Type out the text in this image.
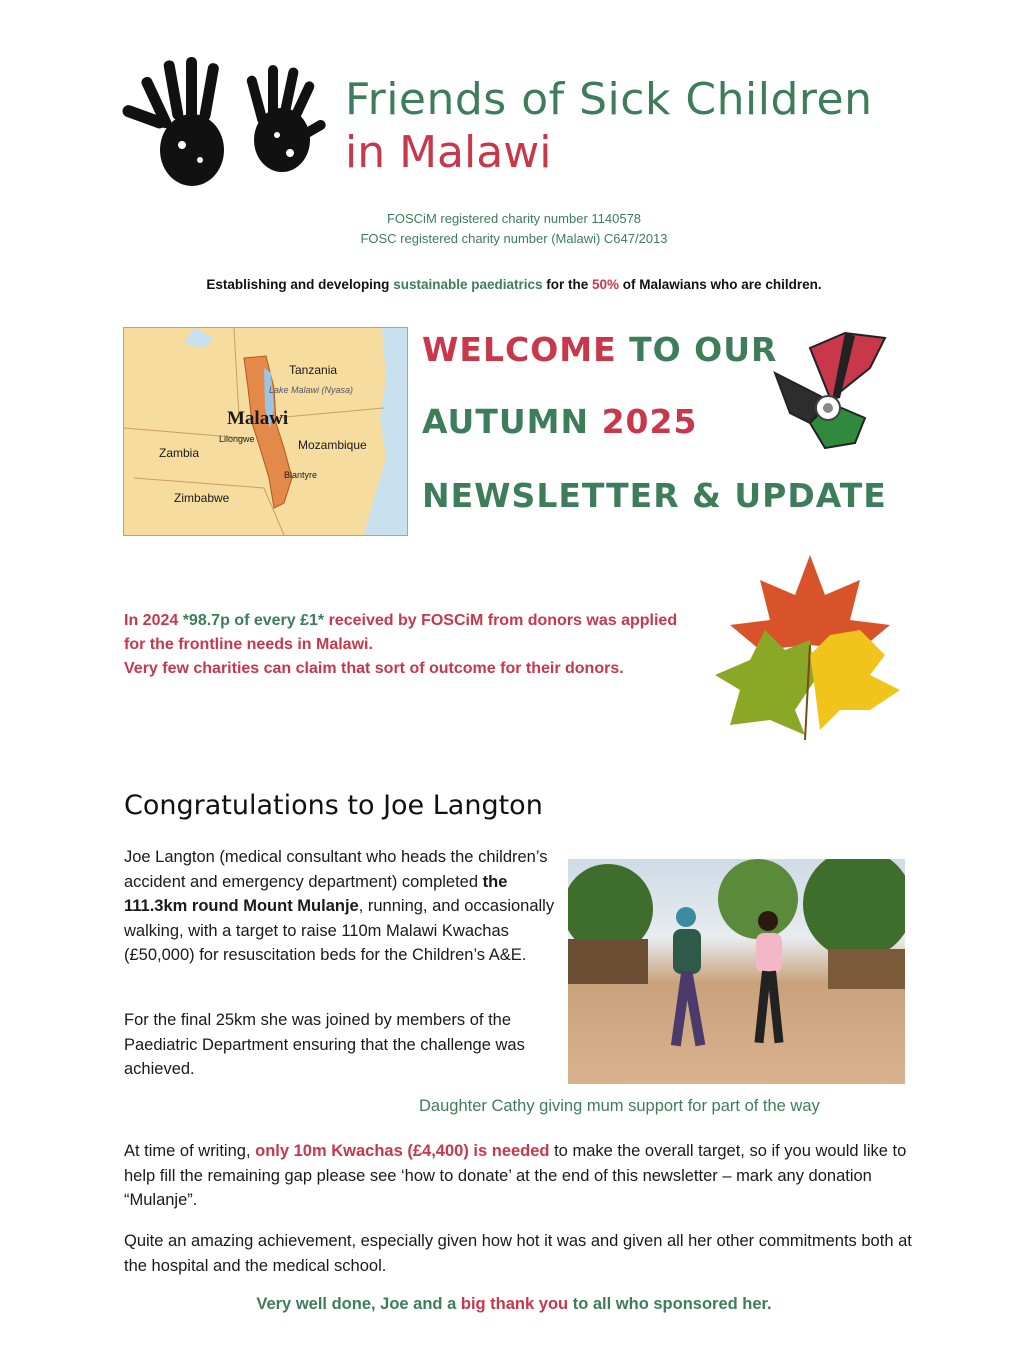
Friends of Sick Children
in Malawi
FOSCiM registered charity number 1140578
FOSC registered charity number (Malawi) C647/2013
Establishing and developing sustainable paediatrics for the 50% of Malawians who are children.
Tanzania
Lake Malawi (Nyasa)
Malawi
Lilongwe	Mozambique
Zambia
Blantyre
Zimbabwe
WELCOME TO OUR
AUTUMN 2025
NEWSLETTER & UPDATE
In 2024 *98.7p of every £1* received by FOSCiM from donors was applied for the frontline needs in Malawi.
Very few charities can claim that sort of outcome for their donors.
Congratulations to Joe Langton
Joe Langton (medical consultant who heads the children’s accident and emergency department) completed the 111.3km round Mount Mulanje, running, and occasionally walking, with a target to raise 110m Malawi Kwachas (£50,000) for resuscitation beds for the Children’s A&E.
For the final 25km she was joined by members of the Paediatric Department ensuring that the challenge was achieved.
Daughter Cathy giving mum support for part of the way
At time of writing, only 10m Kwachas (£4,400) is needed to make the overall target, so if you would like to help fill the remaining gap please see ‘how to donate’ at the end of this newsletter – mark any donation “Mulanje”.
Quite an amazing achievement, especially given how hot it was and given all her other commitments both at the hospital and the medical school.
Very well done, Joe and a big thank you to all who sponsored her.
